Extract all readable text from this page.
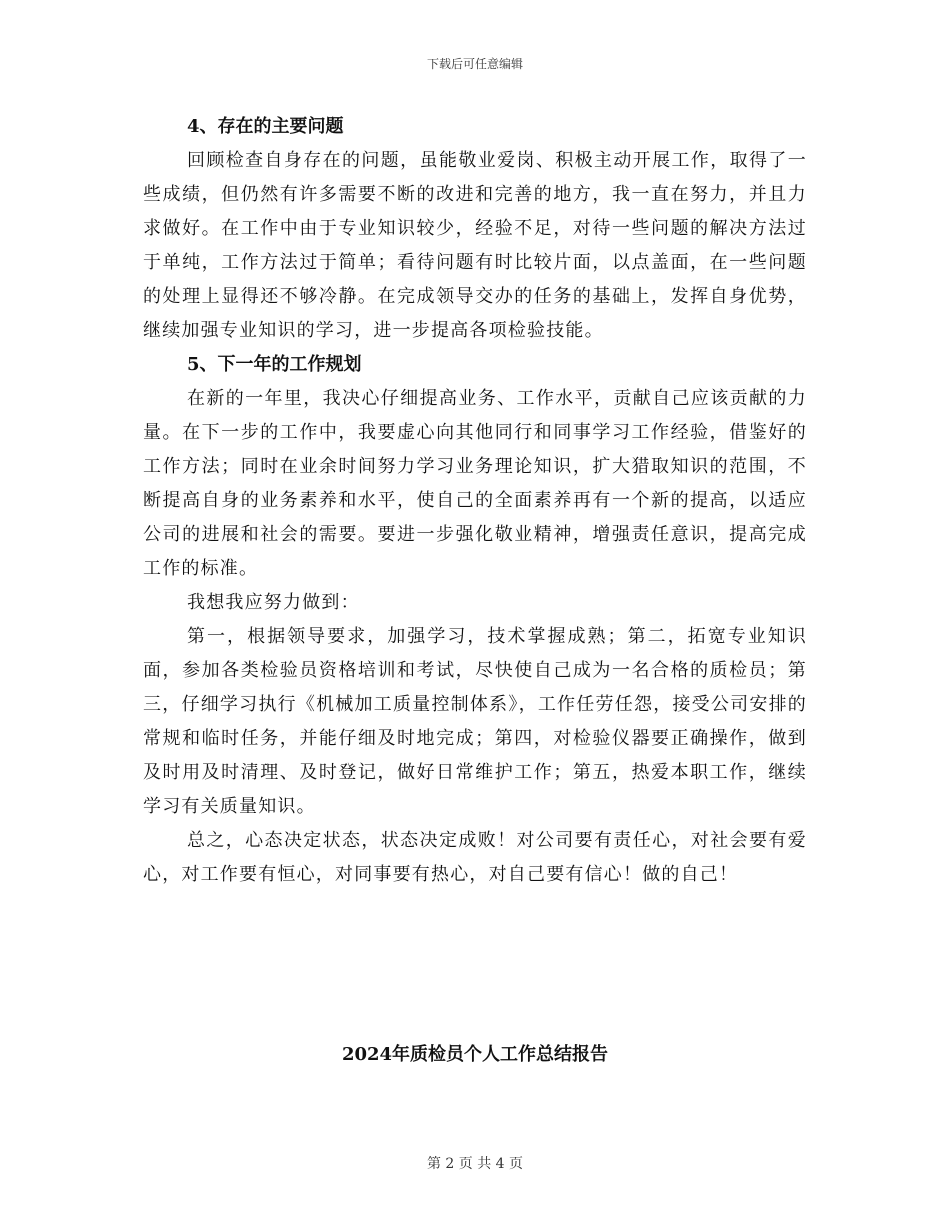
下载后可任意编辑

4、存在的主要问题

回顾检查自身存在的问题，虽能敬业爱岗、积极主动开展工作，取得了一些成绩，但仍然有许多需要不断的改进和完善的地方，我一直在努力，并且力求做好。在工作中由于专业知识较少，经验不足，对待一些问题的解决方法过于单纯，工作方法过于简单；看待问题有时比较片面，以点盖面，在一些问题的处理上显得还不够冷静。在完成领导交办的任务的基础上，发挥自身优势，继续加强专业知识的学习，进一步提高各项检验技能。

5、下一年的工作规划

在新的一年里，我决心仔细提高业务、工作水平，贡献自己应该贡献的力量。在下一步的工作中，我要虚心向其他同行和同事学习工作经验，借鉴好的工作方法；同时在业余时间努力学习业务理论知识，扩大猎取知识的范围，不断提高自身的业务素养和水平，使自己的全面素养再有一个新的提高，以适应公司的进展和社会的需要。要进一步强化敬业精神，增强责任意识，提高完成工作的标准。

我想我应努力做到：

第一，根据领导要求，加强学习，技术掌握成熟；第二，拓宽专业知识面，参加各类检验员资格培训和考试，尽快使自己成为一名合格的质检员；第三，仔细学习执行《机械加工质量控制体系》，工作任劳任怨，接受公司安排的常规和临时任务，并能仔细及时地完成；第四，对检验仪器要正确操作，做到及时用及时清理、及时登记，做好日常维护工作；第五，热爱本职工作，继续学习有关质量知识。

总之，心态决定状态，状态决定成败！对公司要有责任心，对社会要有爱心，对工作要有恒心，对同事要有热心，对自己要有信心！做的自己！

2024年质检员个人工作总结报告
第 2 页 共 4 页
